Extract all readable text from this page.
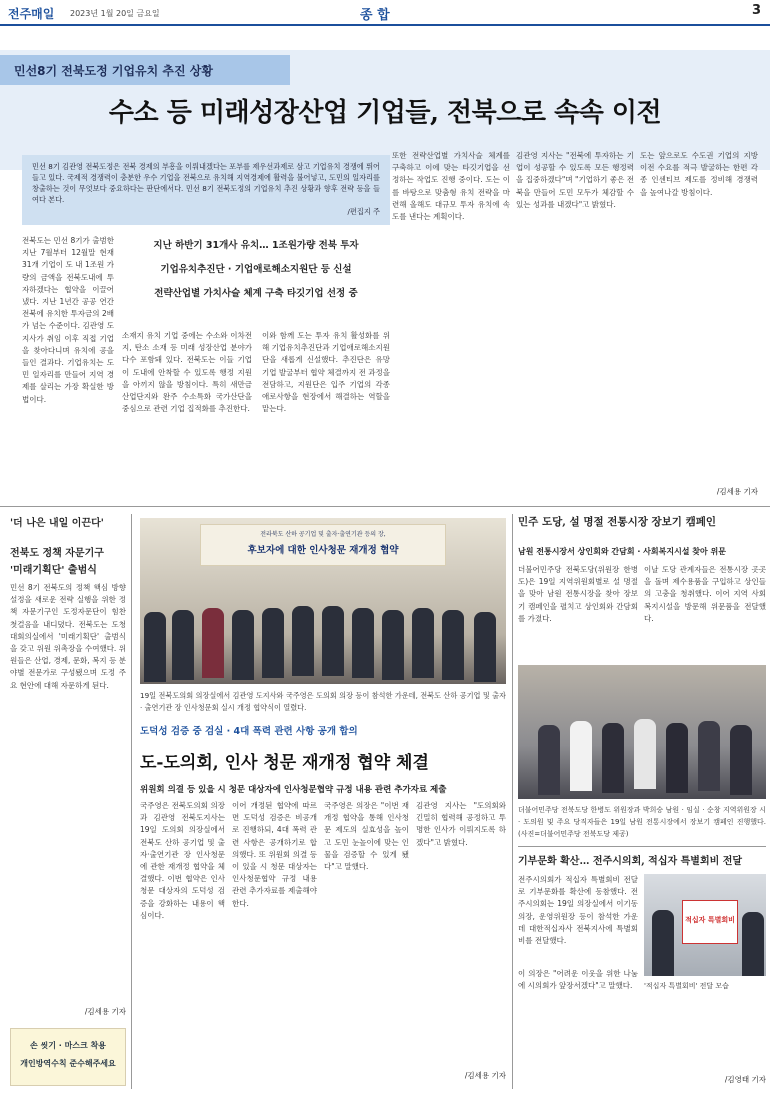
전주매일 2023년 1월 20일 금요일	종 합	3
민선8기 전북도정 기업유치 추진 상황
수소 등 미래성장산업 기업들, 전북으로 속속 이전
민선 8기 김관영 전북도정은 전북 경제의 부흥을 이뤄내겠다는 포부를 제우선과제로 삼고 기업유치 경쟁에 뛰어들고 있다. 국제적 경쟁력이 충분한 우수 기업을 전북으로 유치해 지역경제에 활력을 불어넣고, 도민의 일자리를 창출하는 것이 무엇보다 중요하다는 판단에서다. 민선 8기 전북도정의 기업유치 추진 상황과 향후 전략 등을 들여다 본다.
/편집지 주
전북도는 민선 8기가 출범한 지난 7월부터 12월말 현재 31개 기업이 도 내 1조원 가량의 금액을 전북도내에 투자하겠다는 협약을 이끌어 냈다. 지난 1년간 공공 연간 전북에 유치한 투자금의 2배가 넘는 수준이다. 김관영 도지사가 취임 이후 직접 기업을 찾아다니며 유치에 공을 들인 결과다. 기업유치는 도민 일자리를 만들어 지역 경제를 살리는 가장 확실한 방법이다.
지난 하반기 31개사 유치… 1조원가량 전북 투자
기업유치추진단 · 기업애로해소지원단 등 신설
전략산업별 가치사슬 체계 구축 타깃기업 선정 중
소재지 유치 기업 중에는 수소와 이차전지, 탄소 소재 등 미래 성장산업 분야가 다수 포함돼 있다. 전북도는 이들 기업이 도내에 안착할 수 있도록 행정 지원을 아끼지 않을 방침이다. 특히 새만금 산업단지와 완주 수소특화 국가산단을 중심으로 관련 기업 집적화를 추진한다.
이와 함께 도는 투자 유치 활성화를 위해 기업유치추진단과 기업애로해소지원단을 새롭게 신설했다. 추진단은 유망 기업 발굴부터 협약 체결까지 전 과정을 전담하고, 지원단은 입주 기업의 각종 애로사항을 현장에서 해결하는 역할을 맡는다.
또한 전략산업별 가치사슬 체계를 구축하고 이에 맞는 타깃기업을 선정하는 작업도 진행 중이다. 도는 이를 바탕으로 맞춤형 유치 전략을 마련해 올해도 대규모 투자 유치에 속도를 낸다는 계획이다.
김관영 지사는 "전북에 투자하는 기업이 성공할 수 있도록 모든 행정력을 집중하겠다"며 "기업하기 좋은 전북을 만들어 도민 모두가 체감할 수 있는 성과를 내겠다"고 밝혔다.
도는 앞으로도 수도권 기업의 지방 이전 수요를 적극 발굴하는 한편 각종 인센티브 제도를 정비해 경쟁력을 높여나갈 방침이다.
/김세용 기자
'더 나은 내일 이끈다'
전북도 정책 자문기구
'미래기획단' 출범식
민선 8기 전북도의 정책 핵심 방향 설정을 새로운 전략 실행을 위한 정책 자문기구인 도정자문단이 힘찬 첫걸음을 내디뎠다. 전북도는 도청대회의실에서 '미래기획단' 출범식을 갖고 위원 위촉장을 수여했다. 위원들은 산업, 경제, 문화, 복지 등 분야별 전문가로 구성됐으며 도정 주요 현안에 대해 자문하게 된다.
/김세용 기자
손 씻기 · 마스크 착용
개인방역수칙 준수해주세요
전라북도 산하 공기업 및 출자·출연기관 등의 장,
후보자에 대한 인사청문 재개정 협약
19일 전북도의회 의장실에서 김관영 도지사와 국주영은 도의회 의장 등이 참석한 가운데, 전북도 산하 공기업 및 출자 · 출연기관 장 인사청문회 실시 개정 협약식이 열렸다.
도덕성 검증 중 검실 · 4대 폭력 관련 사항 공개 합의
도-도의회, 인사 청문 재개정 협약 체결
위원회 의결 등 있을 시 청문 대상자에 인사청문협약 규정 내용 관련 추가자료 제출
국주영은 전북도의회 의장과 김관영 전북도지사는 19일 도의회 의장실에서 전북도 산하 공기업 및 출자·출연기관 장 인사청문에 관한 재개정 협약을 체결했다. 이번 협약은 인사청문 대상자의 도덕성 검증을 강화하는 내용이 핵심이다.
이어 개정된 협약에 따르면 도덕성 검증은 비공개로 진행하되, 4대 폭력 관련 사항은 공개하기로 합의했다. 또 위원회 의결 등이 있을 시 청문 대상자는 인사청문협약 규정 내용 관련 추가자료를 제출해야 한다.
국주영은 의장은 "이번 재개정 협약을 통해 인사청문 제도의 실효성을 높이고 도민 눈높이에 맞는 인물을 검증할 수 있게 됐다"고 말했다.
김관영 지사는 "도의회와 긴밀히 협력해 공정하고 투명한 인사가 이뤄지도록 하겠다"고 밝혔다.
/김세용 기자
민주 도당, 설 명절 전통시장 장보기 캠페인
남원 전통시장서 상인회와 간담회 · 사회복지시설 찾아 위문
더불어민주당 전북도당(위원장 한병도)은 19일 지역위원회별로 설 명절을 맞아 남원 전통시장을 찾아 장보기 캠페인을 펼치고 상인회와 간담회를 가졌다.
이날 도당 관계자들은 전통시장 곳곳을 돌며 제수용품을 구입하고 상인들의 고충을 청취했다. 이어 지역 사회복지시설을 방문해 위문품을 전달했다.
더불어민주당 전북도당 한병도 위원장과 박희승 남원 · 임실 · 순창 지역위원장 시 · 도의원 및 주요 당직자들은 19일 남원 전통시장에서 장보기 캠페인 진행했다. (사진=더불어민주당 전북도당 제공)
기부문화 확산… 전주시의회, 적십자 특별회비 전달
전주시의회가 적십자 특별회비 전달로 기부문화를 확산에 동참했다. 전주시의회는 19일 의장실에서 이기동 의장, 운영위원장 등이 참석한 가운데 대한적십자사 전북지사에 특별회비를 전달했다.
적십자 특별회비
이 의장은 "어려운 이웃을 위한 나눔에 시의회가 앞장서겠다"고 말했다.	'적십자 특별회비' 전달 모습
/김영태 기자
